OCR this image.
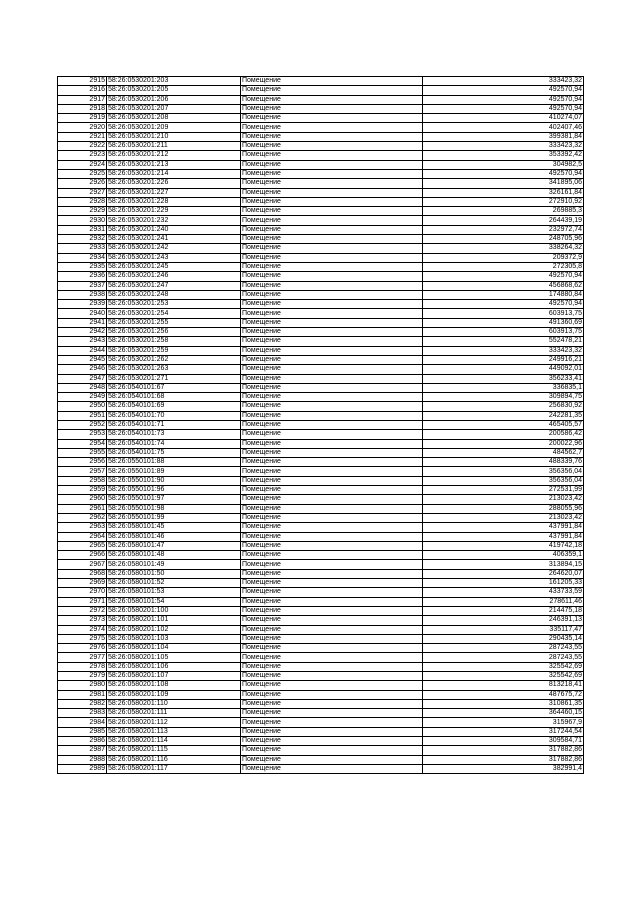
2915	58:26:0530201:203	Помещение	333423,32
2916	58:26:0530201:205	Помещение	492570,94
2917	58:26:0530201:206	Помещение	492570,94
2918	58:26:0530201:207	Помещение	492570,94
2919	58:26:0530201:208	Помещение	410274,07
2920	58:26:0530201:209	Помещение	402407,46
2921	58:26:0530201:210	Помещение	399381,84
2922	58:26:0530201:211	Помещение	333423,32
2923	58:26:0530201:212	Помещение	353392,42
2924	58:26:0530201:213	Помещение	304982,5
2925	58:26:0530201:214	Помещение	492570,94
2926	58:26:0530201:226	Помещение	341895,06
2927	58:26:0530201:227	Помещение	326161,84
2928	58:26:0530201:228	Помещение	272910,92
2929	58:26:0530201:229	Помещение	269885,3
2930	58:26:0530201:232	Помещение	264439,19
2931	58:26:0530201:240	Помещение	232972,74
2932	58:26:0530201:241	Помещение	248705,96
2933	58:26:0530201:242	Помещение	338264,32
2934	58:26:0530201:243	Помещение	209372,9
2935	58:26:0530201:245	Помещение	272305,8
2936	58:26:0530201:246	Помещение	492570,94
2937	58:26:0530201:247	Помещение	456868,62
2938	58:26:0530201:248	Помещение	174880,84
2939	58:26:0530201:253	Помещение	492570,94
2940	58:26:0530201:254	Помещение	603913,75
2941	58:26:0530201:255	Помещение	491360,69
2942	58:26:0530201:256	Помещение	603913,75
2943	58:26:0530201:258	Помещение	552478,21
2944	58:26:0530201:259	Помещение	333423,32
2945	58:26:0530201:262	Помещение	249916,21
2946	58:26:0530201:263	Помещение	449092,01
2947	58:26:0530201:271	Помещение	356233,41
2948	58:26:0540101:67	Помещение	336835,1
2949	58:26:0540101:68	Помещение	309894,75
2950	58:26:0540101:69	Помещение	256830,92
2951	58:26:0540101:70	Помещение	242281,35
2952	58:26:0540101:71	Помещение	465405,57
2953	58:26:0540101:73	Помещение	200586,42
2954	58:26:0540101:74	Помещение	200022,96
2955	58:26:0540101:75	Помещение	484562,7
2956	58:26:0550101:88	Помещение	488339,76
2957	58:26:0550101:89	Помещение	356356,04
2958	58:26:0550101:90	Помещение	356356,04
2959	58:26:0550101:96	Помещение	272531,99
2960	58:26:0550101:97	Помещение	213023,42
2961	58:26:0550101:98	Помещение	288055,96
2962	58:26:0550101:99	Помещение	213023,42
2963	58:26:0580101:45	Помещение	437991,84
2964	58:26:0580101:46	Помещение	437991,84
2965	58:26:0580101:47	Помещение	419742,18
2966	58:26:0580101:48	Помещение	406359,1
2967	58:26:0580101:49	Помещение	313894,15
2968	58:26:0580101:50	Помещение	264620,07
2969	58:26:0580101:52	Помещение	161205,33
2970	58:26:0580101:53	Помещение	433733,59
2971	58:26:0580101:54	Помещение	278611,46
2972	58:26:0580201:100	Помещение	214475,18
2973	58:26:0580201:101	Помещение	246391,13
2974	58:26:0580201:102	Помещение	335117,47
2975	58:26:0580201:103	Помещение	290435,14
2976	58:26:0580201:104	Помещение	287243,55
2977	58:26:0580201:105	Помещение	287243,55
2978	58:26:0580201:106	Помещение	325542,69
2979	58:26:0580201:107	Помещение	325542,69
2980	58:26:0580201:108	Помещение	813218,41
2981	58:26:0580201:109	Помещение	487675,72
2982	58:26:0580201:110	Помещение	310861,35
2983	58:26:0580201:111	Помещение	364460,15
2984	58:26:0580201:112	Помещение	315967,9
2985	58:26:0580201:113	Помещение	317244,54
2986	58:26:0580201:114	Помещение	309584,71
2987	58:26:0580201:115	Помещение	317882,86
2988	58:26:0580201:116	Помещение	317882,86
2989	58:26:0580201:117	Помещение	382991,4
